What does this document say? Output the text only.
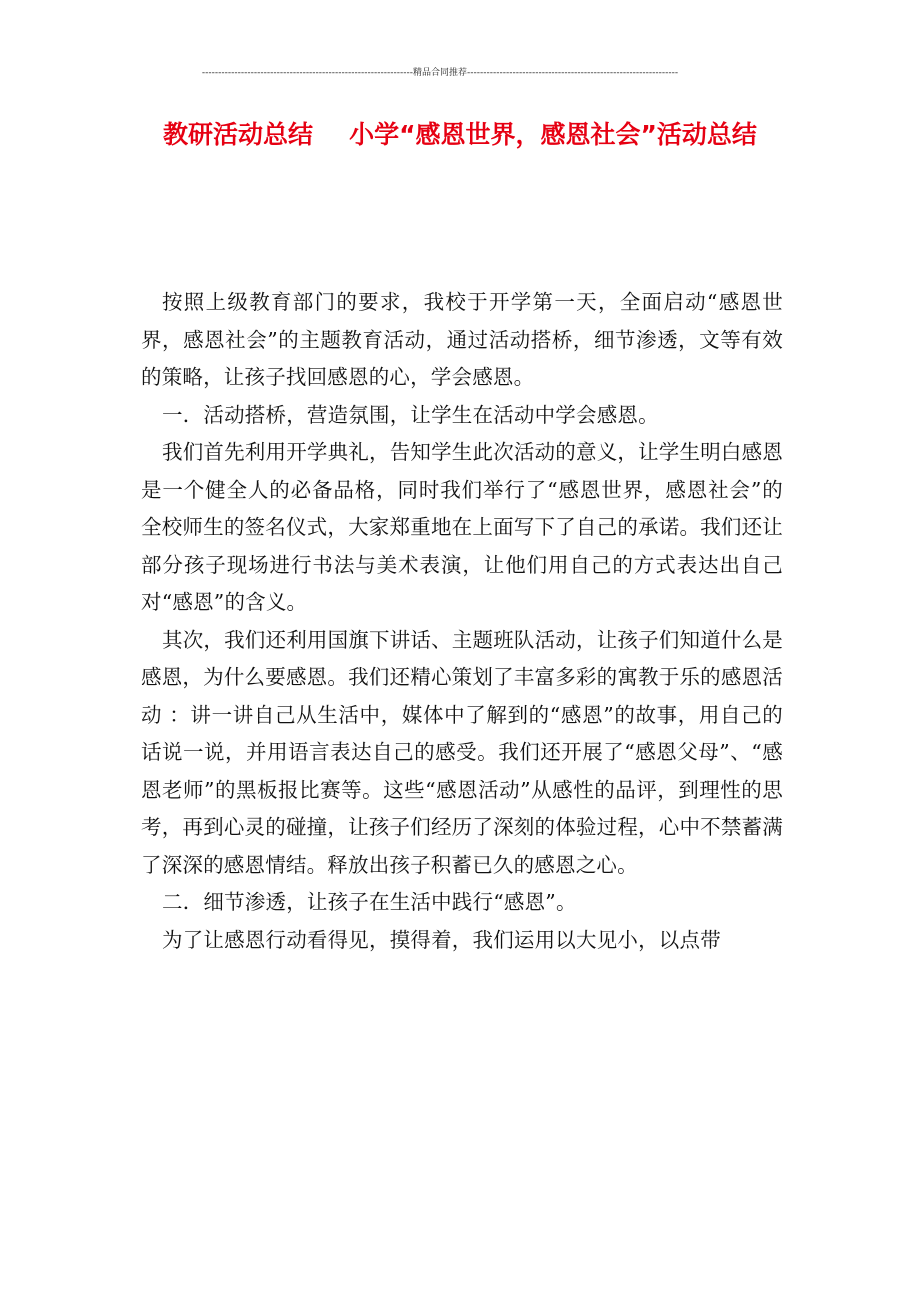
-----------------------------------------------------------------精品合同推荐-----------------------------------------------------------------
教研活动总结 小学“感恩世界，感恩社会”活动总结

按照上级教育部门的要求，我校于开学第一天，全面启动“感恩世界，感恩社会”的主题教育活动，通过活动搭桥，细节渗透，文等有效的策略，让孩子找回感恩的心，学会感恩。

一．活动搭桥，营造氛围，让学生在活动中学会感恩。

我们首先利用开学典礼，告知学生此次活动的意义，让学生明白感恩是一个健全人的必备品格，同时我们举行了“感恩世界，感恩社会”的全校师生的签名仪式，大家郑重地在上面写下了自己的承诺。我们还让部分孩子现场进行书法与美术表演，让他们用自己的方式表达出自己对“感恩”的含义。

其次，我们还利用国旗下讲话、主题班队活动，让孩子们知道什么是感恩，为什么要感恩。我们还精心策划了丰富多彩的寓教于乐的感恩活动 ：讲一讲自己从生活中，媒体中了解到的“感恩”的故事，用自己的话说一说，并用语言表达自己的感受。我们还开展了“感恩父母”、“感恩老师”的黑板报比赛等。这些“感恩活动”从感性的品评，到理性的思考，再到心灵的碰撞，让孩子们经历了深刻的体验过程，心中不禁蓄满了深深的感恩情结。释放出孩子积蓄已久的感恩之心。

二．细节渗透，让孩子在生活中践行“感恩”。

为了让感恩行动看得见，摸得着，我们运用以大见小，以点带
